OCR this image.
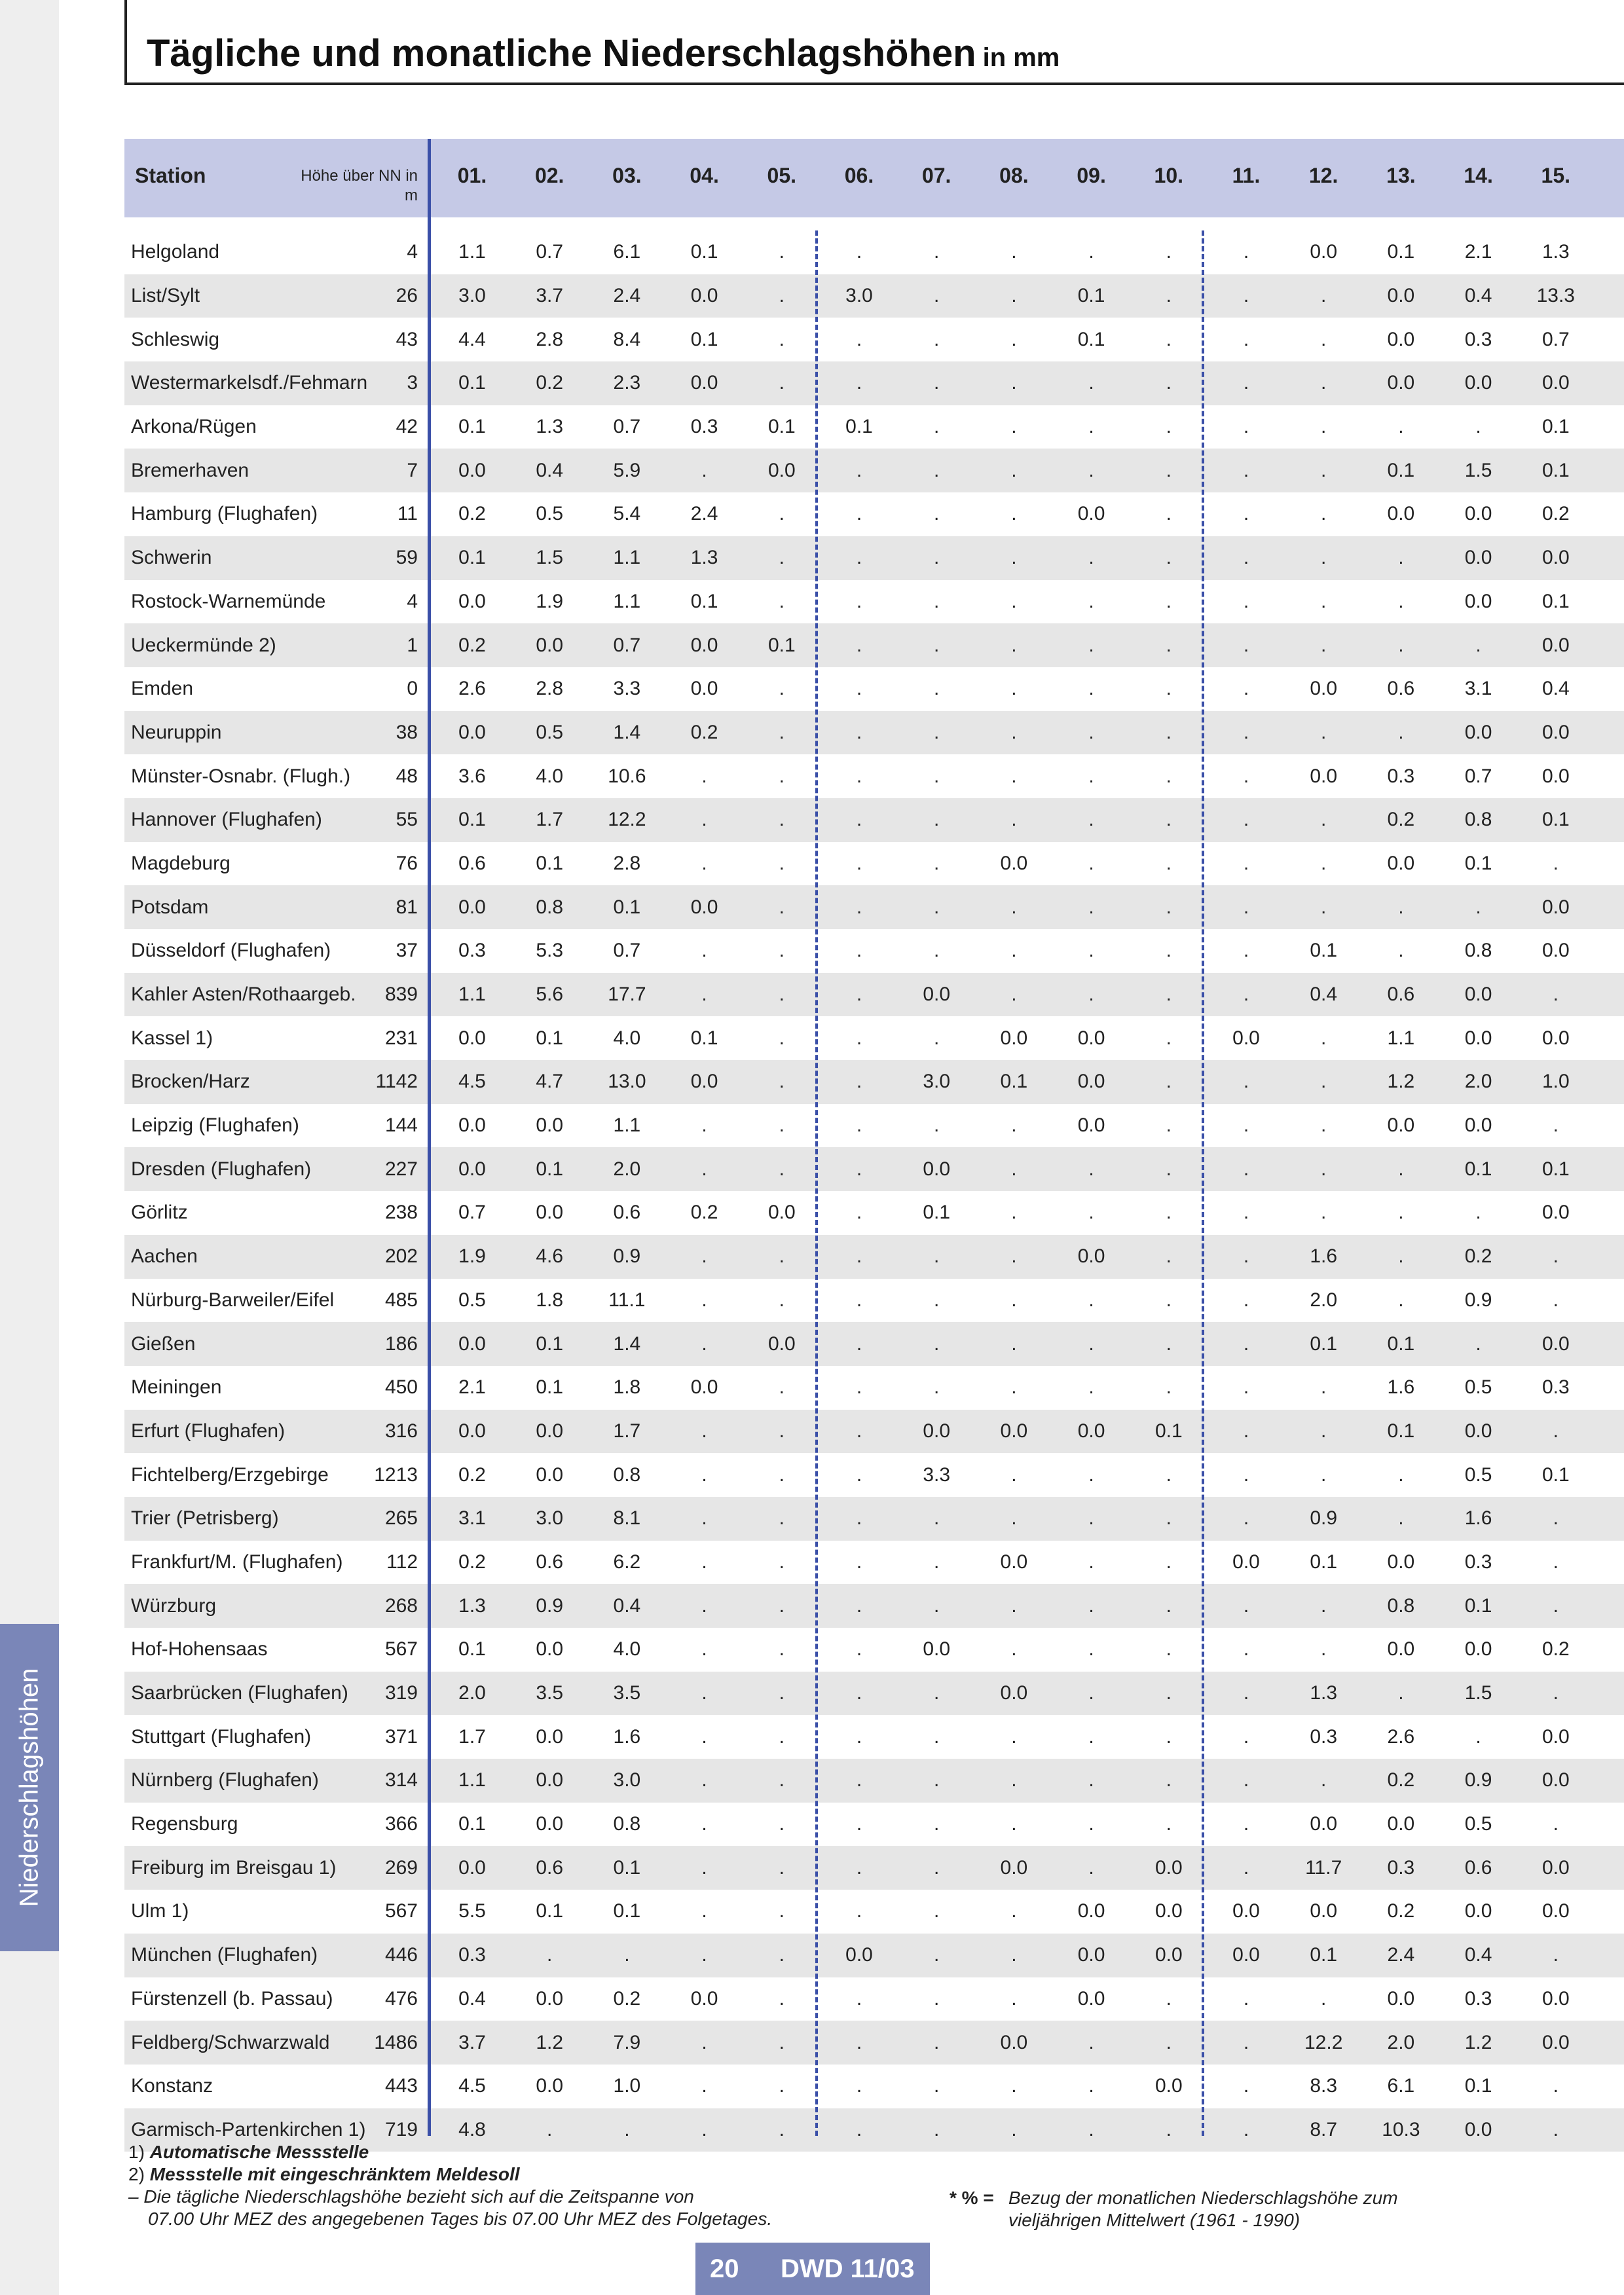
Niederschlagshöhen
Tägliche und monatliche Niederschlagshöhen in mm
Station	Höhe über NN in m
01.	02.	03.	04.	05.	06.	07.	08.	09.	10.	11.	12.	13.	14.	15.
Helgoland	4	1.1	0.7	6.1	0.1	.	.	.	.	.	.	.	0.0	0.1	2.1	1.3
List/Sylt	26	3.0	3.7	2.4	0.0	.	3.0	.	.	0.1	.	.	.	0.0	0.4	13.3
Schleswig	43	4.4	2.8	8.4	0.1	.	.	.	.	0.1	.	.	.	0.0	0.3	0.7
Westermarkelsdf./Fehmarn	3	0.1	0.2	2.3	0.0	.	.	.	.	.	.	.	.	0.0	0.0	0.0
Arkona/Rügen	42	0.1	1.3	0.7	0.3	0.1	0.1	.	.	.	.	.	.	.	.	0.1
Bremerhaven	7	0.0	0.4	5.9	.	0.0	.	.	.	.	.	.	.	0.1	1.5	0.1
Hamburg (Flughafen)	11	0.2	0.5	5.4	2.4	.	.	.	.	0.0	.	.	.	0.0	0.0	0.2
Schwerin	59	0.1	1.5	1.1	1.3	.	.	.	.	.	.	.	.	.	0.0	0.0
Rostock-Warnemünde	4	0.0	1.9	1.1	0.1	.	.	.	.	.	.	.	.	.	0.0	0.1
Ueckermünde 2)	1	0.2	0.0	0.7	0.0	0.1	.	.	.	.	.	.	.	.	.	0.0
Emden	0	2.6	2.8	3.3	0.0	.	.	.	.	.	.	.	0.0	0.6	3.1	0.4
Neuruppin	38	0.0	0.5	1.4	0.2	.	.	.	.	.	.	.	.	.	0.0	0.0
Münster-Osnabr. (Flugh.)	48	3.6	4.0	10.6	.	.	.	.	.	.	.	.	0.0	0.3	0.7	0.0
Hannover (Flughafen)	55	0.1	1.7	12.2	.	.	.	.	.	.	.	.	.	0.2	0.8	0.1
Magdeburg	76	0.6	0.1	2.8	.	.	.	.	0.0	.	.	.	.	0.0	0.1	.
Potsdam	81	0.0	0.8	0.1	0.0	.	.	.	.	.	.	.	.	.	.	0.0
Düsseldorf (Flughafen)	37	0.3	5.3	0.7	.	.	.	.	.	.	.	.	0.1	.	0.8	0.0
Kahler Asten/Rothaargeb.	839	1.1	5.6	17.7	.	.	.	0.0	.	.	.	.	0.4	0.6	0.0	.
Kassel 1)	231	0.0	0.1	4.0	0.1	.	.	.	0.0	0.0	.	0.0	.	1.1	0.0	0.0
Brocken/Harz	1142	4.5	4.7	13.0	0.0	.	.	3.0	0.1	0.0	.	.	.	1.2	2.0	1.0
Leipzig (Flughafen)	144	0.0	0.0	1.1	.	.	.	.	.	0.0	.	.	.	0.0	0.0	.
Dresden (Flughafen)	227	0.0	0.1	2.0	.	.	.	0.0	.	.	.	.	.	.	0.1	0.1
Görlitz	238	0.7	0.0	0.6	0.2	0.0	.	0.1	.	.	.	.	.	.	.	0.0
Aachen	202	1.9	4.6	0.9	.	.	.	.	.	0.0	.	.	1.6	.	0.2	.
Nürburg-Barweiler/Eifel	485	0.5	1.8	11.1	.	.	.	.	.	.	.	.	2.0	.	0.9	.
Gießen	186	0.0	0.1	1.4	.	0.0	.	.	.	.	.	.	0.1	0.1	.	0.0
Meiningen	450	2.1	0.1	1.8	0.0	.	.	.	.	.	.	.	.	1.6	0.5	0.3
Erfurt (Flughafen)	316	0.0	0.0	1.7	.	.	.	0.0	0.0	0.0	0.1	.	.	0.1	0.0	.
Fichtelberg/Erzgebirge	1213	0.2	0.0	0.8	.	.	.	3.3	.	.	.	.	.	.	0.5	0.1
Trier (Petrisberg)	265	3.1	3.0	8.1	.	.	.	.	.	.	.	.	0.9	.	1.6	.
Frankfurt/M. (Flughafen)	112	0.2	0.6	6.2	.	.	.	.	0.0	.	.	0.0	0.1	0.0	0.3	.
Würzburg	268	1.3	0.9	0.4	.	.	.	.	.	.	.	.	.	0.8	0.1	.
Hof-Hohensaas	567	0.1	0.0	4.0	.	.	.	0.0	.	.	.	.	.	0.0	0.0	0.2
Saarbrücken (Flughafen)	319	2.0	3.5	3.5	.	.	.	.	0.0	.	.	.	1.3	.	1.5	.
Stuttgart (Flughafen)	371	1.7	0.0	1.6	.	.	.	.	.	.	.	.	0.3	2.6	.	0.0
Nürnberg (Flughafen)	314	1.1	0.0	3.0	.	.	.	.	.	.	.	.	.	0.2	0.9	0.0
Regensburg	366	0.1	0.0	0.8	.	.	.	.	.	.	.	.	0.0	0.0	0.5	.
Freiburg im Breisgau 1)	269	0.0	0.6	0.1	.	.	.	.	0.0	.	0.0	.	11.7	0.3	0.6	0.0
Ulm 1)	567	5.5	0.1	0.1	.	.	.	.	.	0.0	0.0	0.0	0.0	0.2	0.0	0.0
München (Flughafen)	446	0.3	.	.	.	.	0.0	.	.	0.0	0.0	0.0	0.1	2.4	0.4	.
Fürstenzell (b. Passau)	476	0.4	0.0	0.2	0.0	.	.	.	.	0.0	.	.	.	0.0	0.3	0.0
Feldberg/Schwarzwald	1486	3.7	1.2	7.9	.	.	.	.	0.0	.	.	.	12.2	2.0	1.2	0.0
Konstanz	443	4.5	0.0	1.0	.	.	.	.	.	.	0.0	.	8.3	6.1	0.1	.
Garmisch-Partenkirchen 1) 719	4.8	.	.	.	.	.	.	.	.	.	.	8.7	10.3	0.0	.
1) Automatische Messstelle
2) Messstelle mit eingeschränktem Meldesoll
– Die tägliche Niederschlagshöhe bezieht sich auf die Zeitspanne von
07.00 Uhr MEZ des angegebenen Tages bis 07.00 Uhr MEZ des Folgetages.
* % = Bezug der monatlichen Niederschlagshöhe zum
vieljährigen Mittelwert (1961 - 1990)
20 DWD 11/03
